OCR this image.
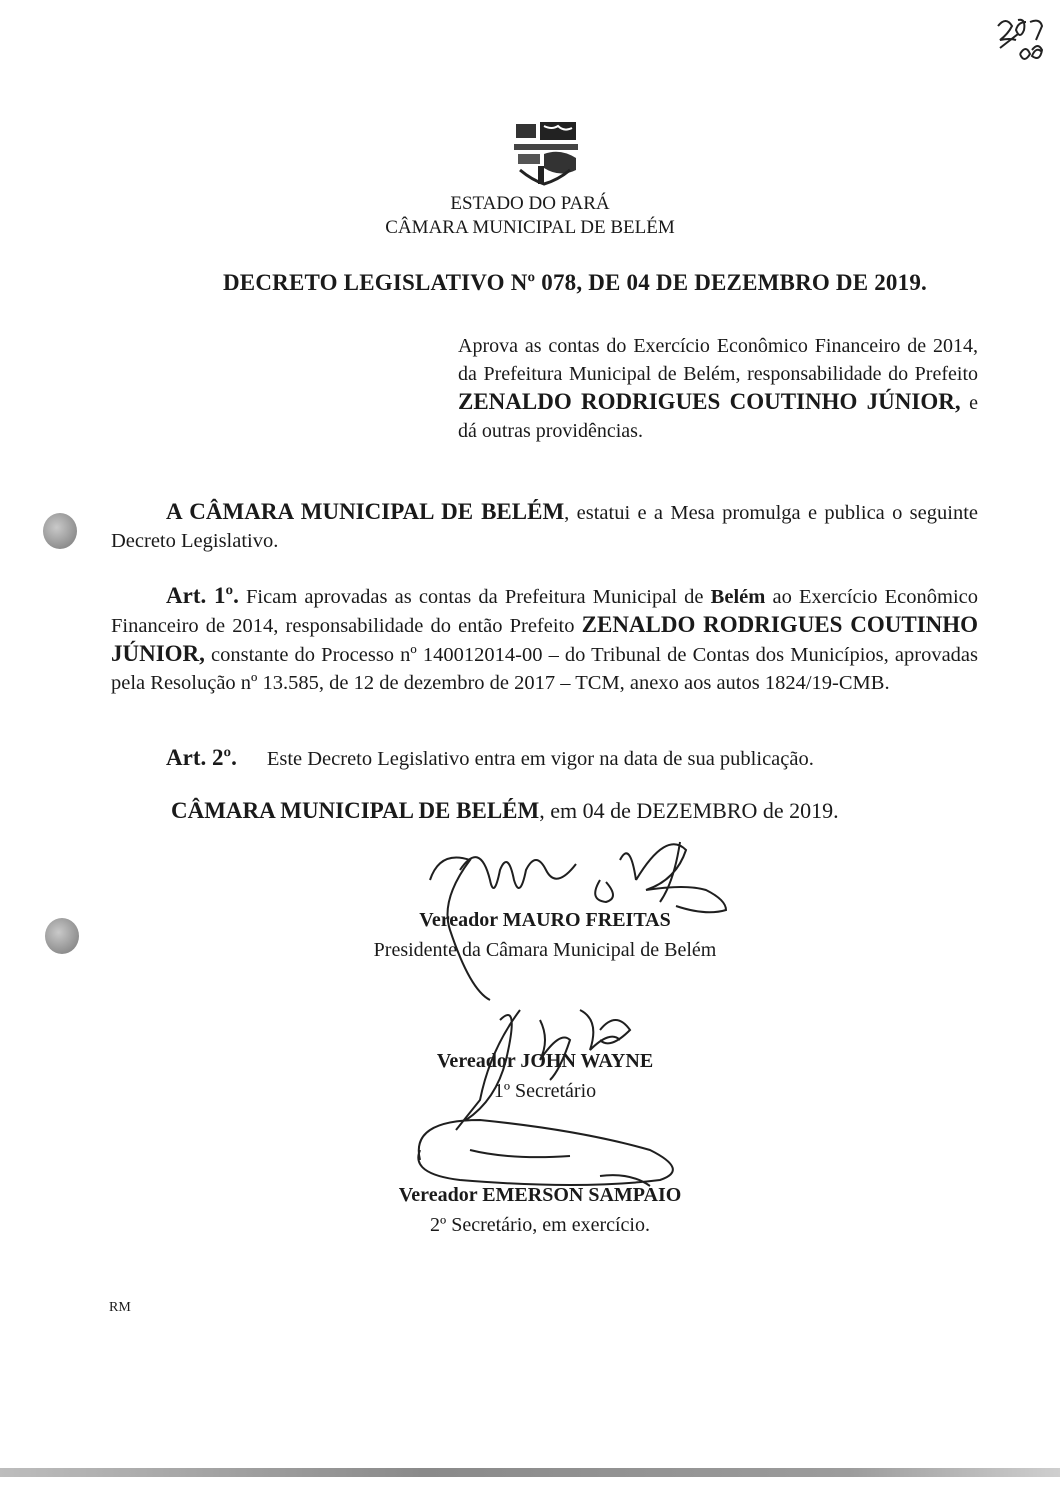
ESTADO DO PARÁ
CÂMARA MUNICIPAL DE BELÉM
DECRETO LEGISLATIVO Nº 078, DE 04 DE DEZEMBRO DE 2019.
Aprova as contas do Exercício Econômico Financeiro de 2014, da Prefeitura Municipal de Belém, responsabilidade do Prefeito ZENALDO RODRIGUES COUTINHO JÚNIOR, e dá outras providências.
A CÂMARA MUNICIPAL DE BELÉM, estatui e a Mesa promulga e publica o seguinte Decreto Legislativo.
Art. 1º. Ficam aprovadas as contas da Prefeitura Municipal de Belém ao Exercício Econômico Financeiro de 2014, responsabilidade do então Prefeito ZENALDO RODRIGUES COUTINHO JÚNIOR, constante do Processo nº 140012014-00 – do Tribunal de Contas dos Municípios, aprovadas pela Resolução nº 13.585, de 12 de dezembro de 2017 – TCM, anexo aos autos 1824/19-CMB.
Art. 2º. Este Decreto Legislativo entra em vigor na data de sua publicação.
CÂMARA MUNICIPAL DE BELÉM, em 04 de DEZEMBRO de 2019.
Vereador MAURO FREITAS
Presidente da Câmara Municipal de Belém
Vereador JOHN WAYNE
1º Secretário
Vereador EMERSON SAMPAIO
2º Secretário, em exercício.
RM
